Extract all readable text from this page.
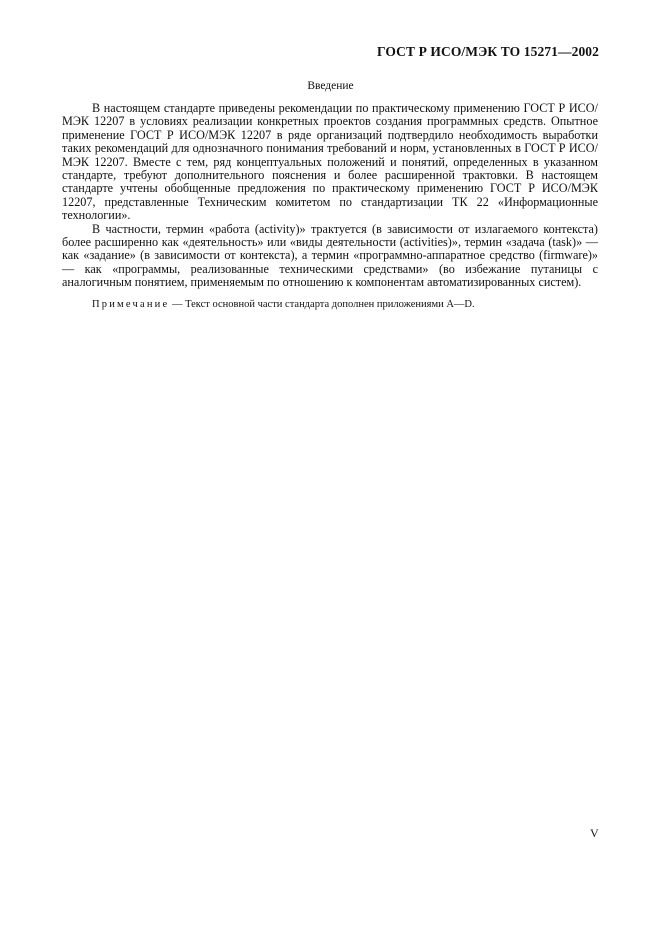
ГОСТ Р ИСО/МЭК ТО 15271—2002
Введение

В настоящем стандарте приведены рекомендации по практическому применению ГОСТ Р ИСО/МЭК 12207 в условиях реализации конкретных проектов создания программных средств. Опытное применение ГОСТ Р ИСО/МЭК 12207 в ряде организаций подтвердило необходимость выработки таких рекомендаций для однозначного понимания требований и норм, установленных в ГОСТ Р ИСО/МЭК 12207. Вместе с тем, ряд концептуальных положений и понятий, определенных в указанном стандарте, требуют дополнительного пояснения и более расширенной трактовки. В настоящем стандарте учтены обобщенные предложения по практическому применению ГОСТ Р ИСО/МЭК 12207, представленные Техническим комитетом по стандартизации ТК 22 «Информационные технологии».

В частности, термин «работа (activity)» трактуется (в зависимости от излагаемого контекста) более расширенно как «деятельность» или «виды деятельности (activities)», термин «задача (task)» — как «задание» (в зависимости от контекста), а термин «программно-аппаратное средство (firmware)» — как «программы, реализованные техническими средствами» (во избежание путаницы с аналогичным понятием, применяемым по отношению к компонентам автоматизированных систем).

Примечание — Текст основной части стандарта дополнен приложениями A—D.
V
